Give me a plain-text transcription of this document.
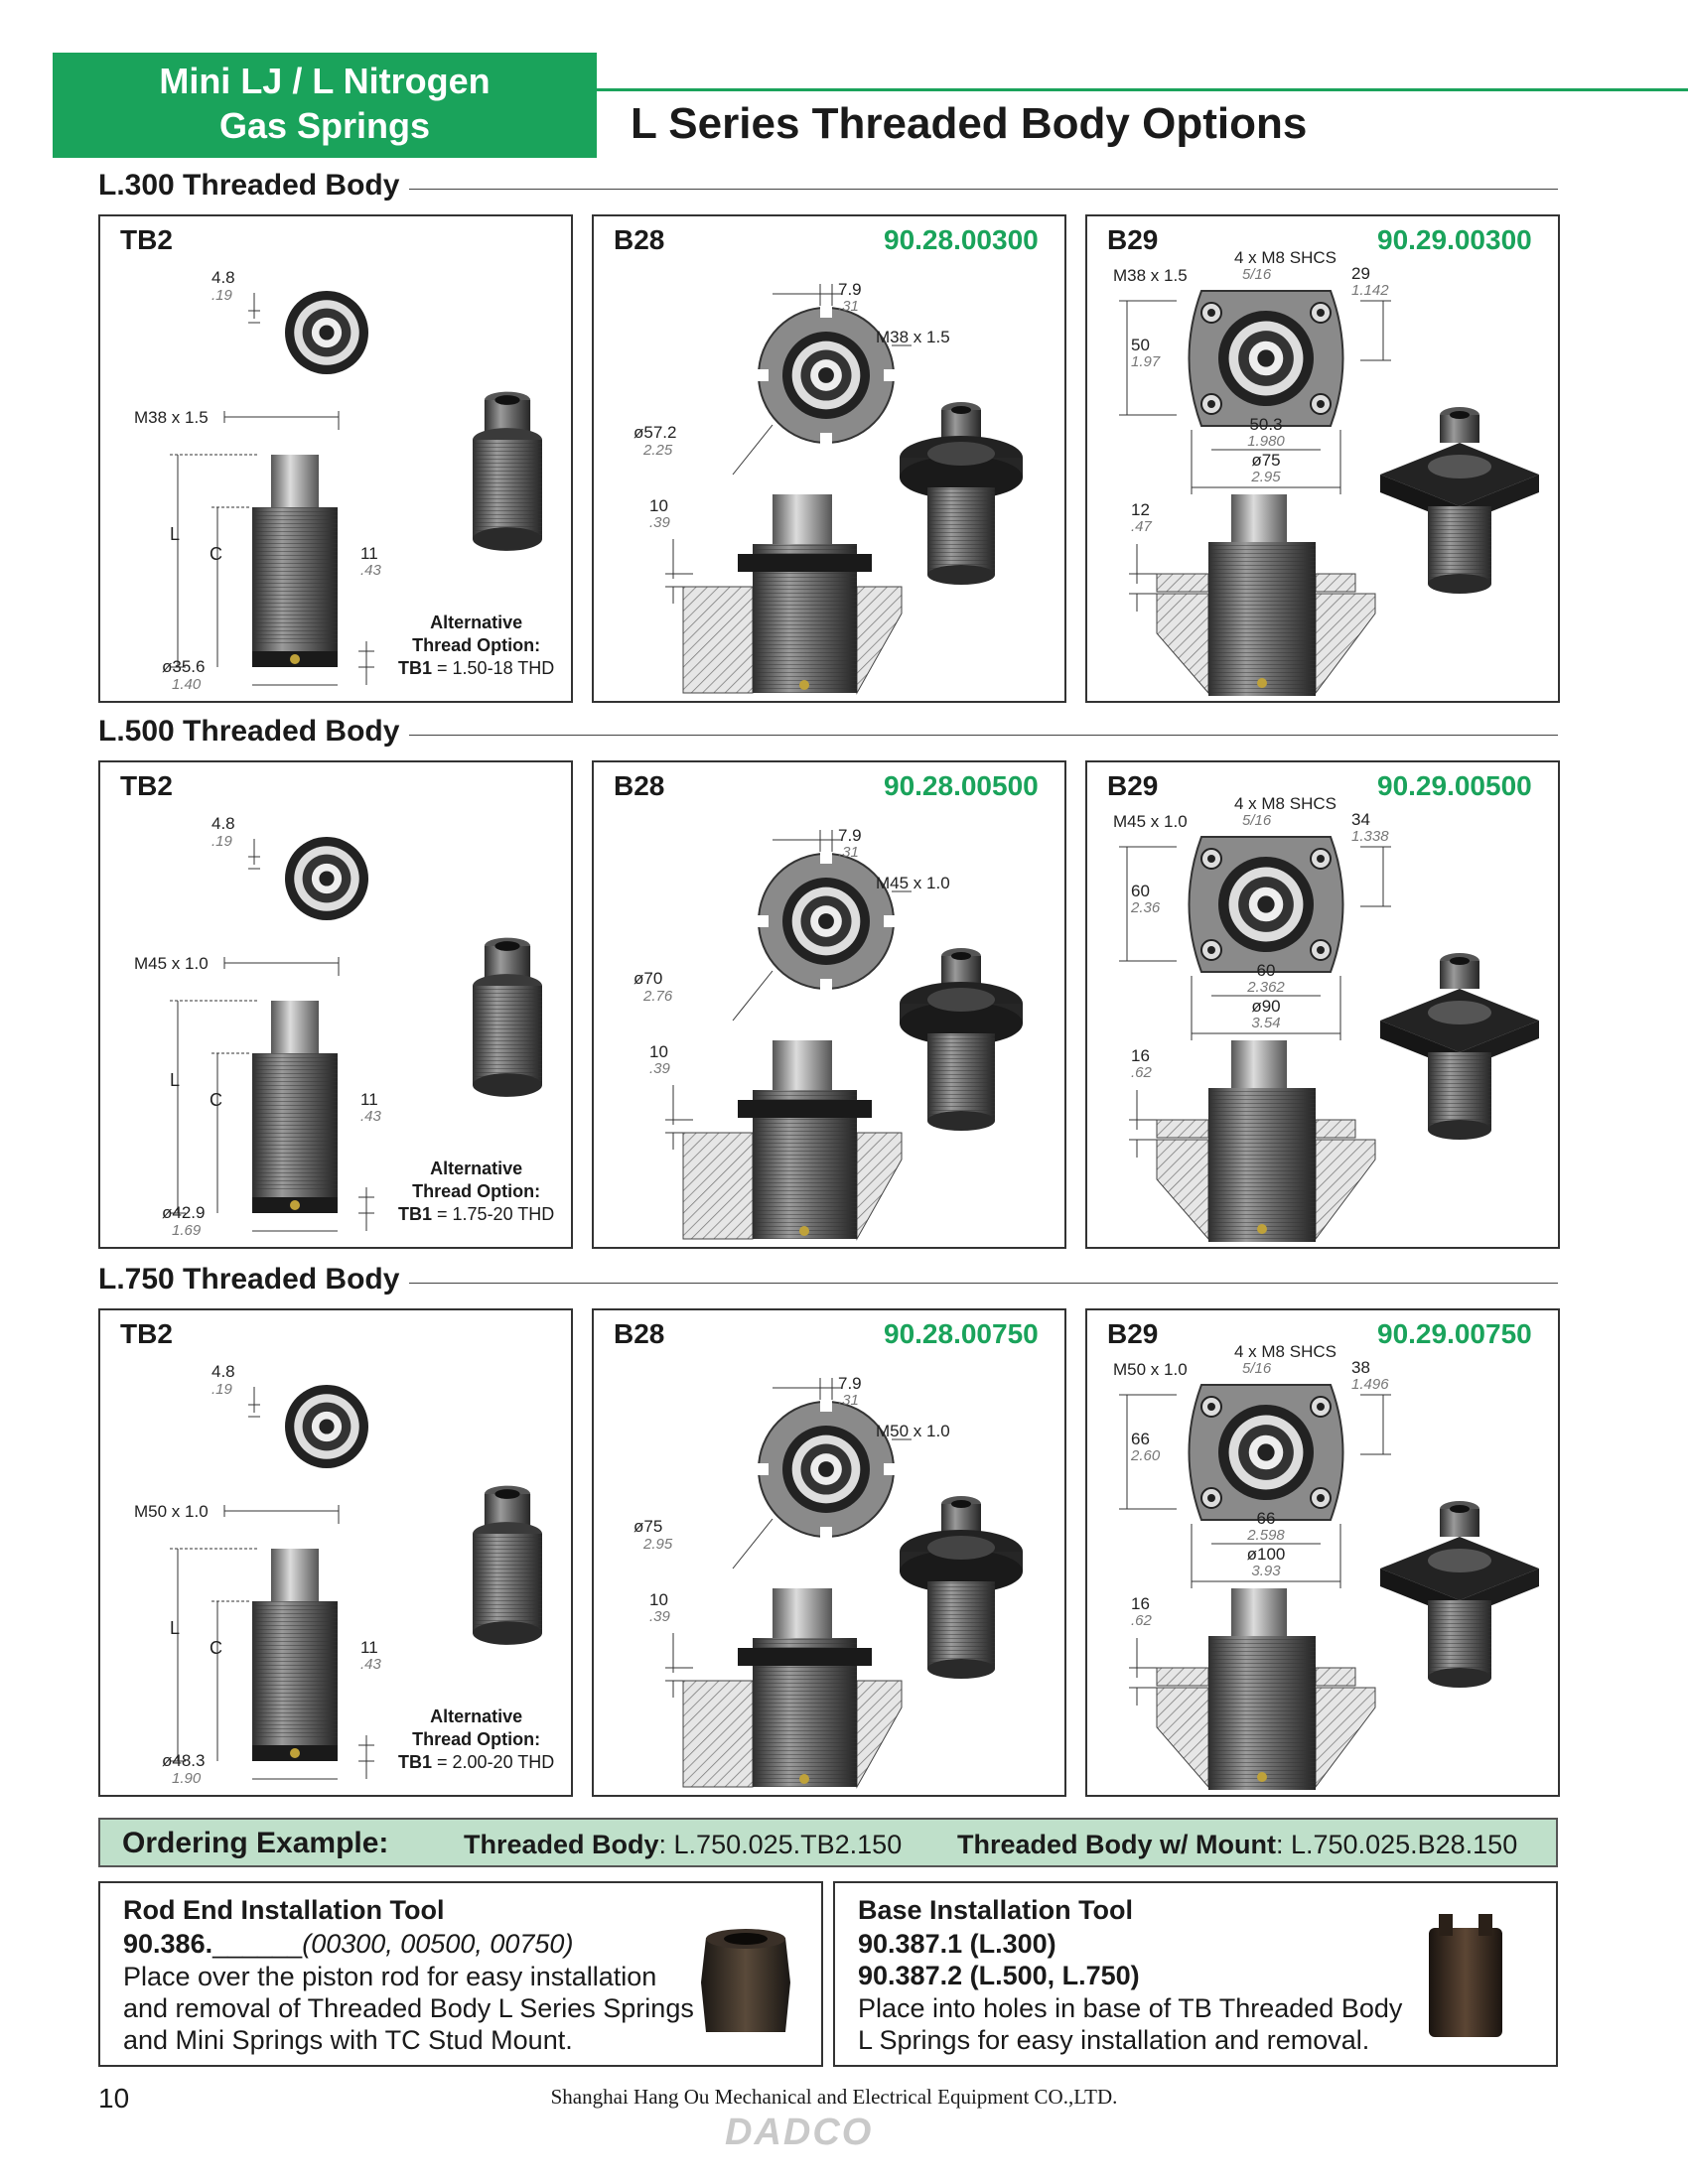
Mini LJ / L Nitrogen
Gas Springs	L Series Threaded Body Options
L.300 Threaded Body
TB2
4.8
.19
M38 x 1.5
L
C	11
.43
ø35.6
1.40
Alternative
Thread Option:
TB1 = 1.50-18 THD
B28	90.28.00300
7.9
.31
M38 x 1.5
ø57.2
2.25
10
.39
B29	90.29.00300
4 x M8 SHCS
5/16
M38 x 1.5	29
1.142
50
1.97
50.3
1.980
ø75
2.95
12
.47
L.500 Threaded Body
TB2
4.8
.19
M45 x 1.0
L
C	11
.43
ø42.9
1.69
Alternative
Thread Option:
TB1 = 1.75-20 THD
B28	90.28.00500
7.9
.31
M45 x 1.0
ø70
2.76
10
.39
B29	90.29.00500
4 x M8 SHCS
5/16
M45 x 1.0	34
1.338
60
2.36
60
2.362
ø90
3.54
16
.62
L.750 Threaded Body
TB2
4.8
.19
M50 x 1.0
L
C	11
.43
ø48.3
1.90
Alternative
Thread Option:
TB1 = 2.00-20 THD
B28	90.28.00750
7.9
.31
M50 x 1.0
ø75
2.95
10
.39
B29	90.29.00750
4 x M8 SHCS
5/16
M50 x 1.0	38
1.496
66
2.60
66
2.598
ø100
3.93
16
.62
Ordering Example:	Threaded Body: L.750.025.TB2.150 Threaded Body w/ Mount: L.750.025.B28.150
Rod End Installation Tool
90.386.______(00300, 00500, 00750)
Place over the piston rod for easy installation
and removal of Threaded Body L Series Springs
and Mini Springs with TC Stud Mount.
Base Installation Tool
90.387.1 (L.300)
90.387.2 (L.500, L.750)
Place into holes in base of TB Threaded Body
L Springs for easy installation and removal.
10	Shanghai Hang Ou Mechanical and Electrical Equipment CO.,LTD.
DADCO
